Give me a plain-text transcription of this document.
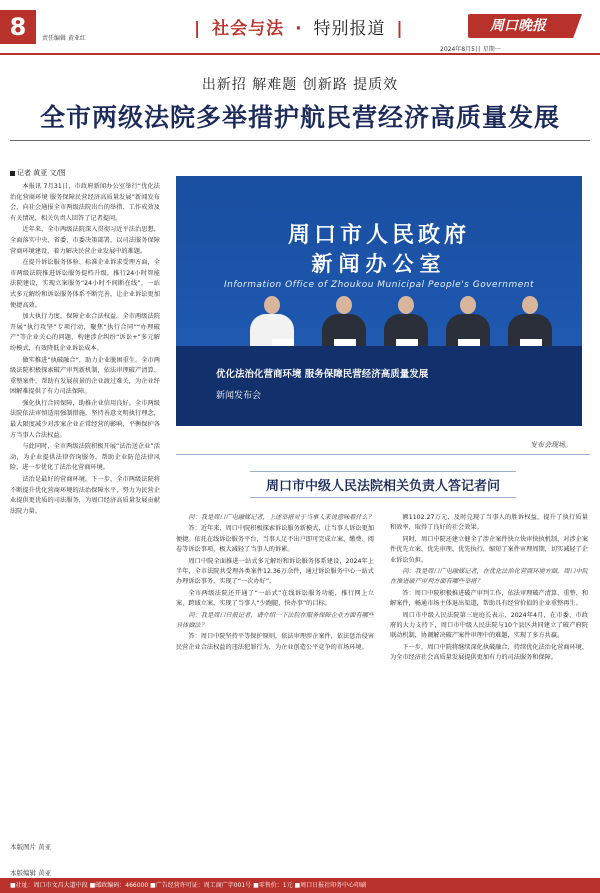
8	责任编辑 黄亚红	| 社会与法 · 特别报道 |	周口晚报
2024年8月5日 星期一
出新招 解难题 创新路 提质效
全市两级法院多举措护航民营经济高质量发展
记者 黄亚 文/图

本报讯 7月31日，市政府新闻办公室举行“优化法治化营商环境 服务保障民营经济高质量发展”新闻发布会，向社会通报全市两级法院出台的举措、工作成效及有关情况，相关负责人回答了记者提问。

近年来，全市两级法院深入贯彻习近平法治思想，全面落实中央、省委、市委决策部署，以司法服务保障营商环境建设，着力解决民营企业发展中的难题。

在提升诉讼服务体验、标准企业诉求受理方面，全市两级法院推进诉讼服务提档升级，推行24小时智能法院建设，实现立案服务“24小时不间断在线”，一站式多元解纷和诉讼服务体系不断完善，让企业诉讼更加便捷高效。

加大执行力度，保障企业合法权益。全市两级法院开展“执行攻坚”专项行动，聚焦“执行合同”“办理破产”等企业关心的问题，构建涉企纠纷“诉讼+”多元解纷模式，有效降低企业诉讼成本。

做实推进“执破融合”，助力企业脱困重生。全市两级法院积极探索破产审判新机制，依法审理破产清算、重整案件，帮助有发展前景的企业渡过难关，为企业纾困解难提供了有力司法保障。

强化执行合同保障，助推企业信用良好。全市两级法院依法审慎适用强制措施，坚持善意文明执行理念，最大限度减少对涉案企业正常经营的影响，平衡保护各方当事人合法权益。

与此同时，全市两级法院积极开展“法治送企业”活动，为企业提供法律咨询服务，帮助企业防范法律风险，进一步优化了法治化营商环境。

法治是最好的营商环境。下一步，全市两级法院将不断提升优化营商环境的法治保障水平，努力为民营企业提供更优质的司法服务，为周口经济高质量发展贡献法院力量。

本版图片 黄亚
周口市人民政府
新闻办公室
Information Office of Zhoukou Municipal People's Government
优化法治化营商环境 服务保障民营经济高质量发展
新闻发布会
发布会现场。
周口市中级人民法院相关负责人答记者问

问：我是周口广电融媒记者，上述举措对于当事人来说意味着什么？

答：近年来，周口中院积极探索诉讼服务新模式，让当事人诉讼更加便捷。依托在线诉讼服务平台，当事人足不出户即可完成立案、缴费、阅卷等诉讼事项，极大减轻了当事人的诉累。

周口中院全面推进一站式多元解纷和诉讼服务体系建设，2024年上半年，全市法院共受理各类案件12.36万余件，通过诉讼服务中心一站式办理诉讼事务，实现了“一次办好”。

全市两级法院还开通了“一站式”在线诉讼服务功能，推行网上立案、跨域立案，实现了当事人“少跑腿、快办事”的目标。

问：我是周口日报记者，请介绍一下法院在服务保障企业方面有哪些具体做法？

答：周口中院坚持平等保护原则，依法审理涉企案件，依法惩治侵害民营企业合法权益的违法犯罪行为，为企业创造公平竞争的市场环境。

额1102.27万元，及时兑现了当事人的胜诉权益，提升了执行质量和效率，取得了良好的社会效果。

同时，周口中院还建立健全了涉企案件快立快审快执机制，对涉企案件优先立案、优先审理、优先执行，缩短了案件审理周期，切实减轻了企业诉讼负担。

问：我是周口广电融媒记者，在优化法治化营商环境方面，周口中院在推进破产审判方面有哪些举措？

答：周口中院积极推进破产审判工作，依法审理破产清算、重整、和解案件，畅通市场主体退出渠道，帮助具有经营价值的企业重整再生。

周口市中级人民法院第三庭庭长表示，2024年4月，在市委、市政府的大力支持下，周口市中级人民法院与10个县区共同建立了破产府院联动机制，协调解决破产案件审理中的难题，实现了多方共赢。

下一步，周口中院将继续深化执破融合，持续优化法治化营商环境，为全市经济社会高质量发展提供更加有力的司法服务和保障。

本版编辑 黄亚
■社址：周口市文昌大道中段 ■邮政编码：466000 ■广告经营许可证：周工商广字001号 ■零售价：1元 ■周口日报社印务中心印刷
